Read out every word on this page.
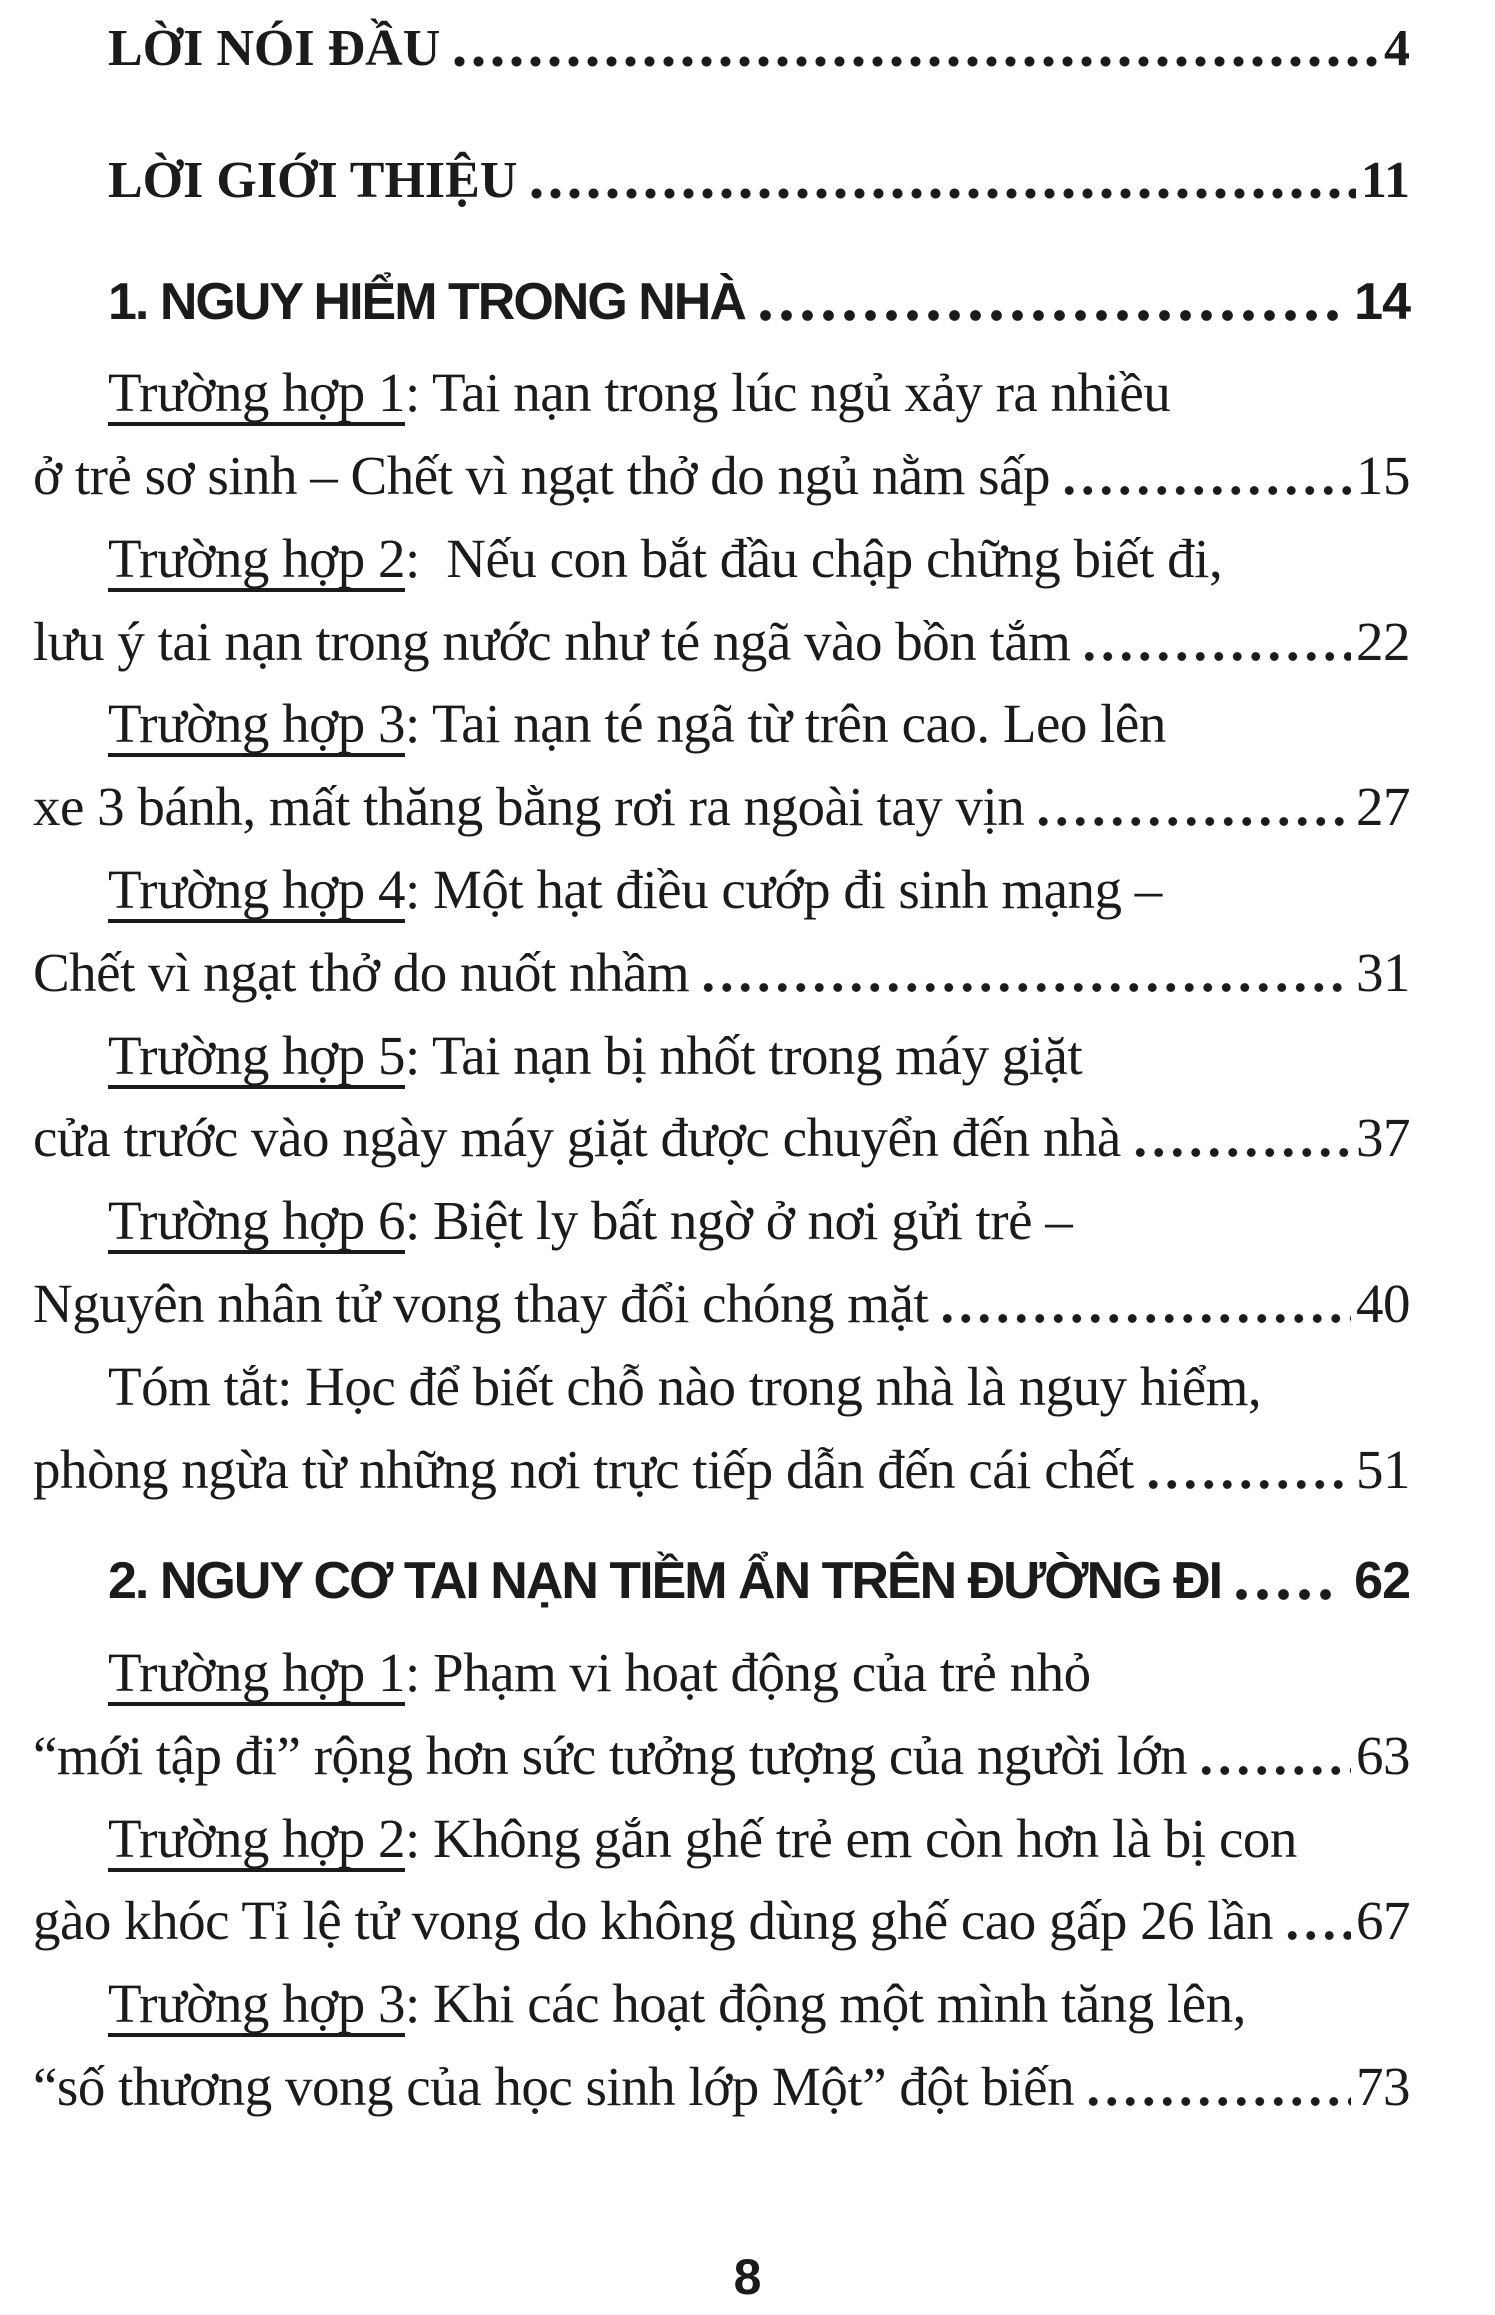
LỜI NÓI ĐẦU	4
LỜI GIỚI THIỆU	11
1. NGUY HIỂM TRONG NHÀ	14
Trường hợp 1 : Tai nạn trong lúc ngủ xảy ra nhiều
ở trẻ sơ sinh – Chết vì ngạt thở do ngủ nằm sấp	15
Trường hợp 2 :  Nếu con bắt đầu chập chững biết đi,
lưu ý tai nạn trong nước như té ngã vào bồn tắm	22
Trường hợp 3 : Tai nạn té ngã từ trên cao. Leo lên
xe 3 bánh, mất thăng bằng rơi ra ngoài tay vịn	27
Trường hợp 4 : Một hạt điều cướp đi sinh mạng –
Chết vì ngạt thở do nuốt nhầm	31
Trường hợp 5 : Tai nạn bị nhốt trong máy giặt
cửa trước vào ngày máy giặt được chuyển đến nhà	37
Trường hợp 6 : Biệt ly bất ngờ ở nơi gửi trẻ –
Nguyên nhân tử vong thay đổi chóng mặt	40
Tóm tắt : Học để biết chỗ nào trong nhà là nguy hiểm,
phòng ngừa từ những nơi trực tiếp dẫn đến cái chết	51
2. NGUY CƠ TAI NẠN TIỀM ẨN TRÊN ĐƯỜNG ĐI	62
Trường hợp 1 : Phạm vi hoạt động của trẻ nhỏ
“mới tập đi” rộng hơn sức tưởng tượng của người lớn	63
Trường hợp 2 : Không gắn ghế trẻ em còn hơn là bị con
gào khóc Tỉ lệ tử vong do không dùng ghế cao gấp 26 lần 67
Trường hợp 3 : Khi các hoạt động một mình tăng lên,
“số thương vong của học sinh lớp Một” đột biến	73
8
